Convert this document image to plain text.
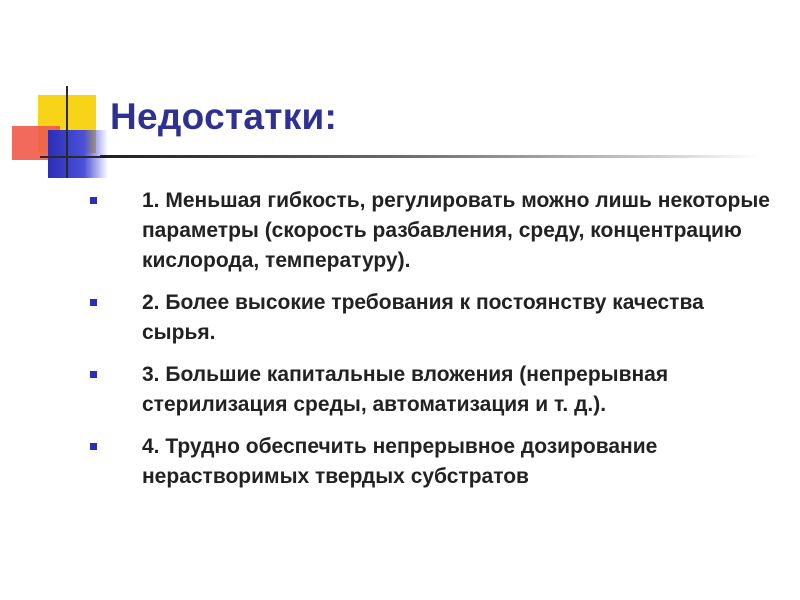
Недостатки:
1. Меньшая гибкость, регулировать можно лишь некоторые параметры (скорость разбавления, среду, концентрацию кислорода, температуру).
2. Более высокие требования к постоянству качества сырья.
3. Большие капитальные вложения (непрерывная стерилизация среды, автоматизация и т. д.).
4. Трудно обеспечить непрерывное дозирование нерастворимых твердых субстратов
